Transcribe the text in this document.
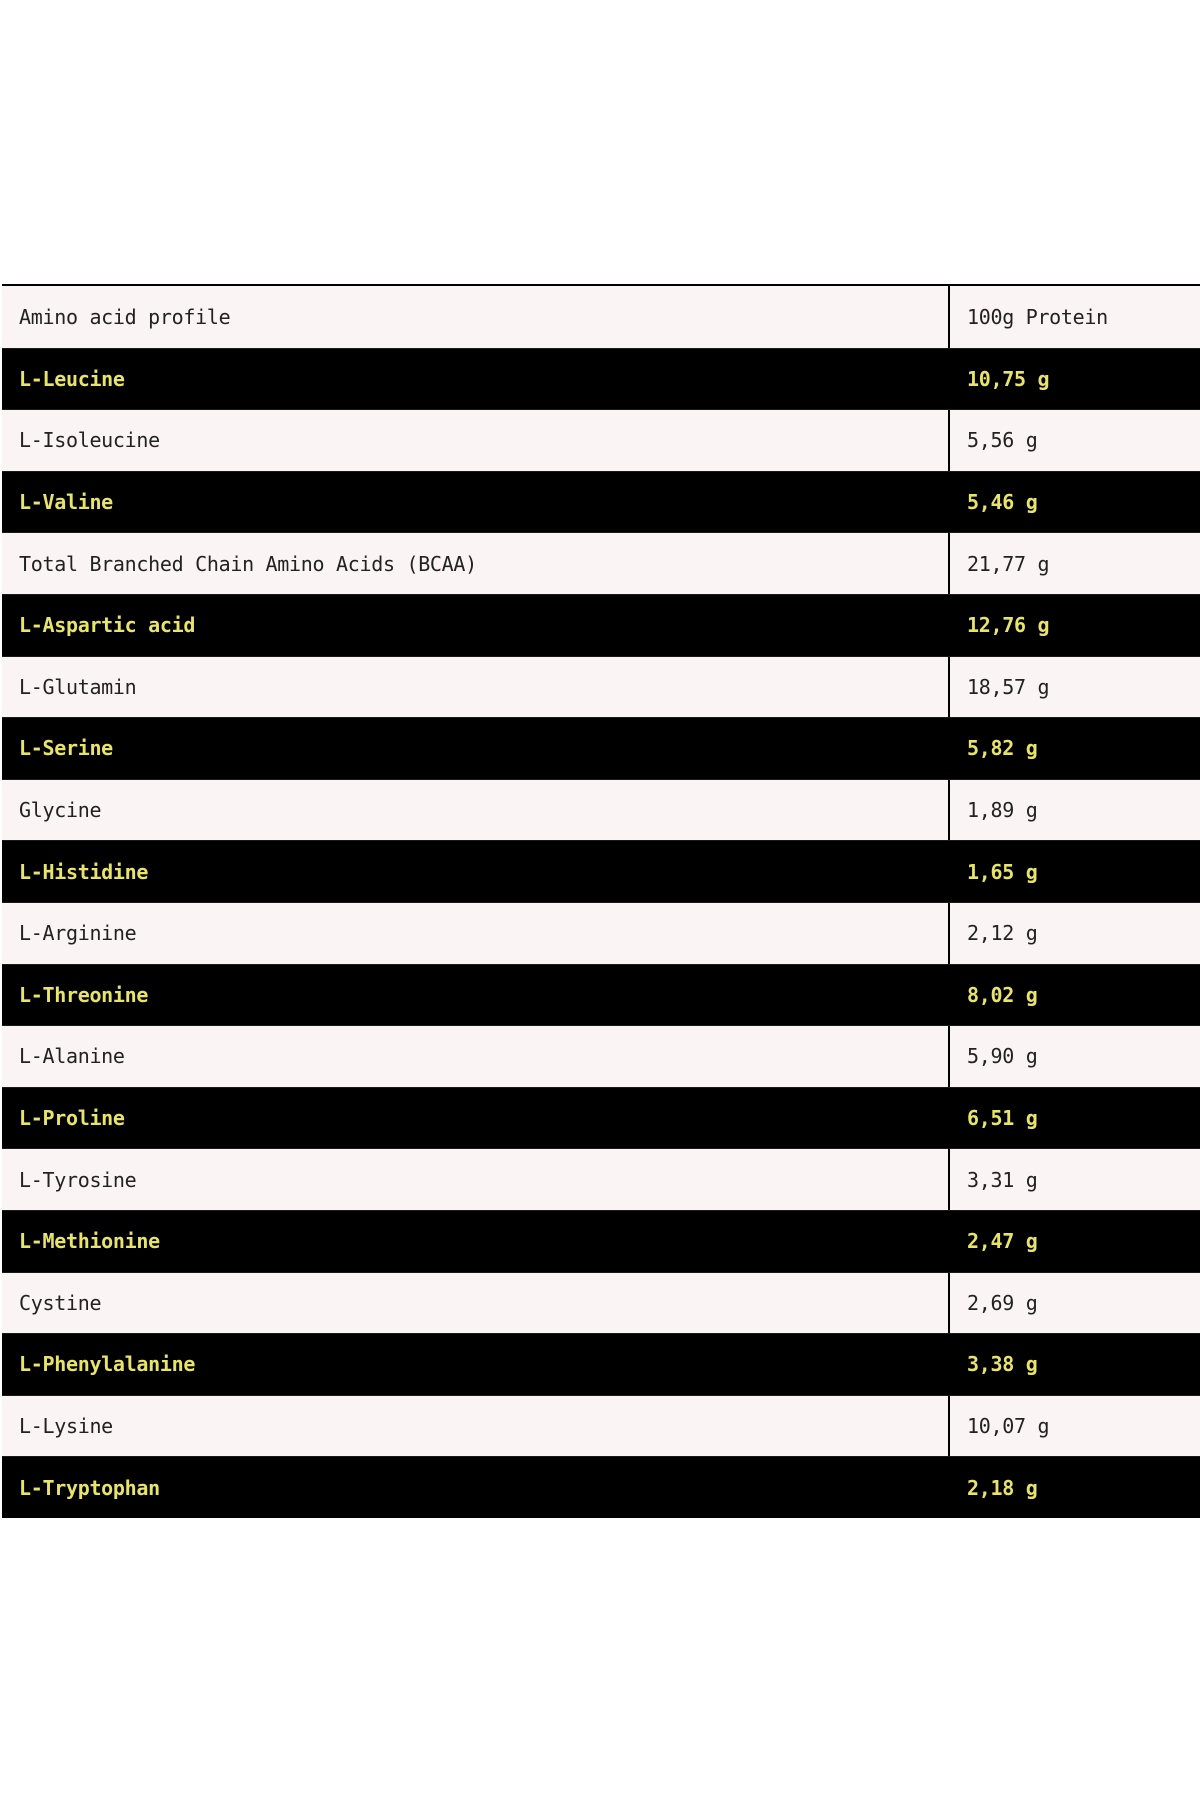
Amino acid profile	100g Protein
L-Leucine	10,75 g
L-Isoleucine	5,56 g
L-Valine	5,46 g
Total Branched Chain Amino Acids (BCAA)	21,77 g
L-Aspartic acid	12,76 g
L-Glutamin	18,57 g
L-Serine	5,82 g
Glycine	1,89 g
L-Histidine	1,65 g
L-Arginine	2,12 g
L-Threonine	8,02 g
L-Alanine	5,90 g
L-Proline	6,51 g
L-Tyrosine	3,31 g
L-Methionine	2,47 g
Cystine	2,69 g
L-Phenylalanine	3,38 g
L-Lysine	10,07 g
L-Tryptophan	2,18 g
